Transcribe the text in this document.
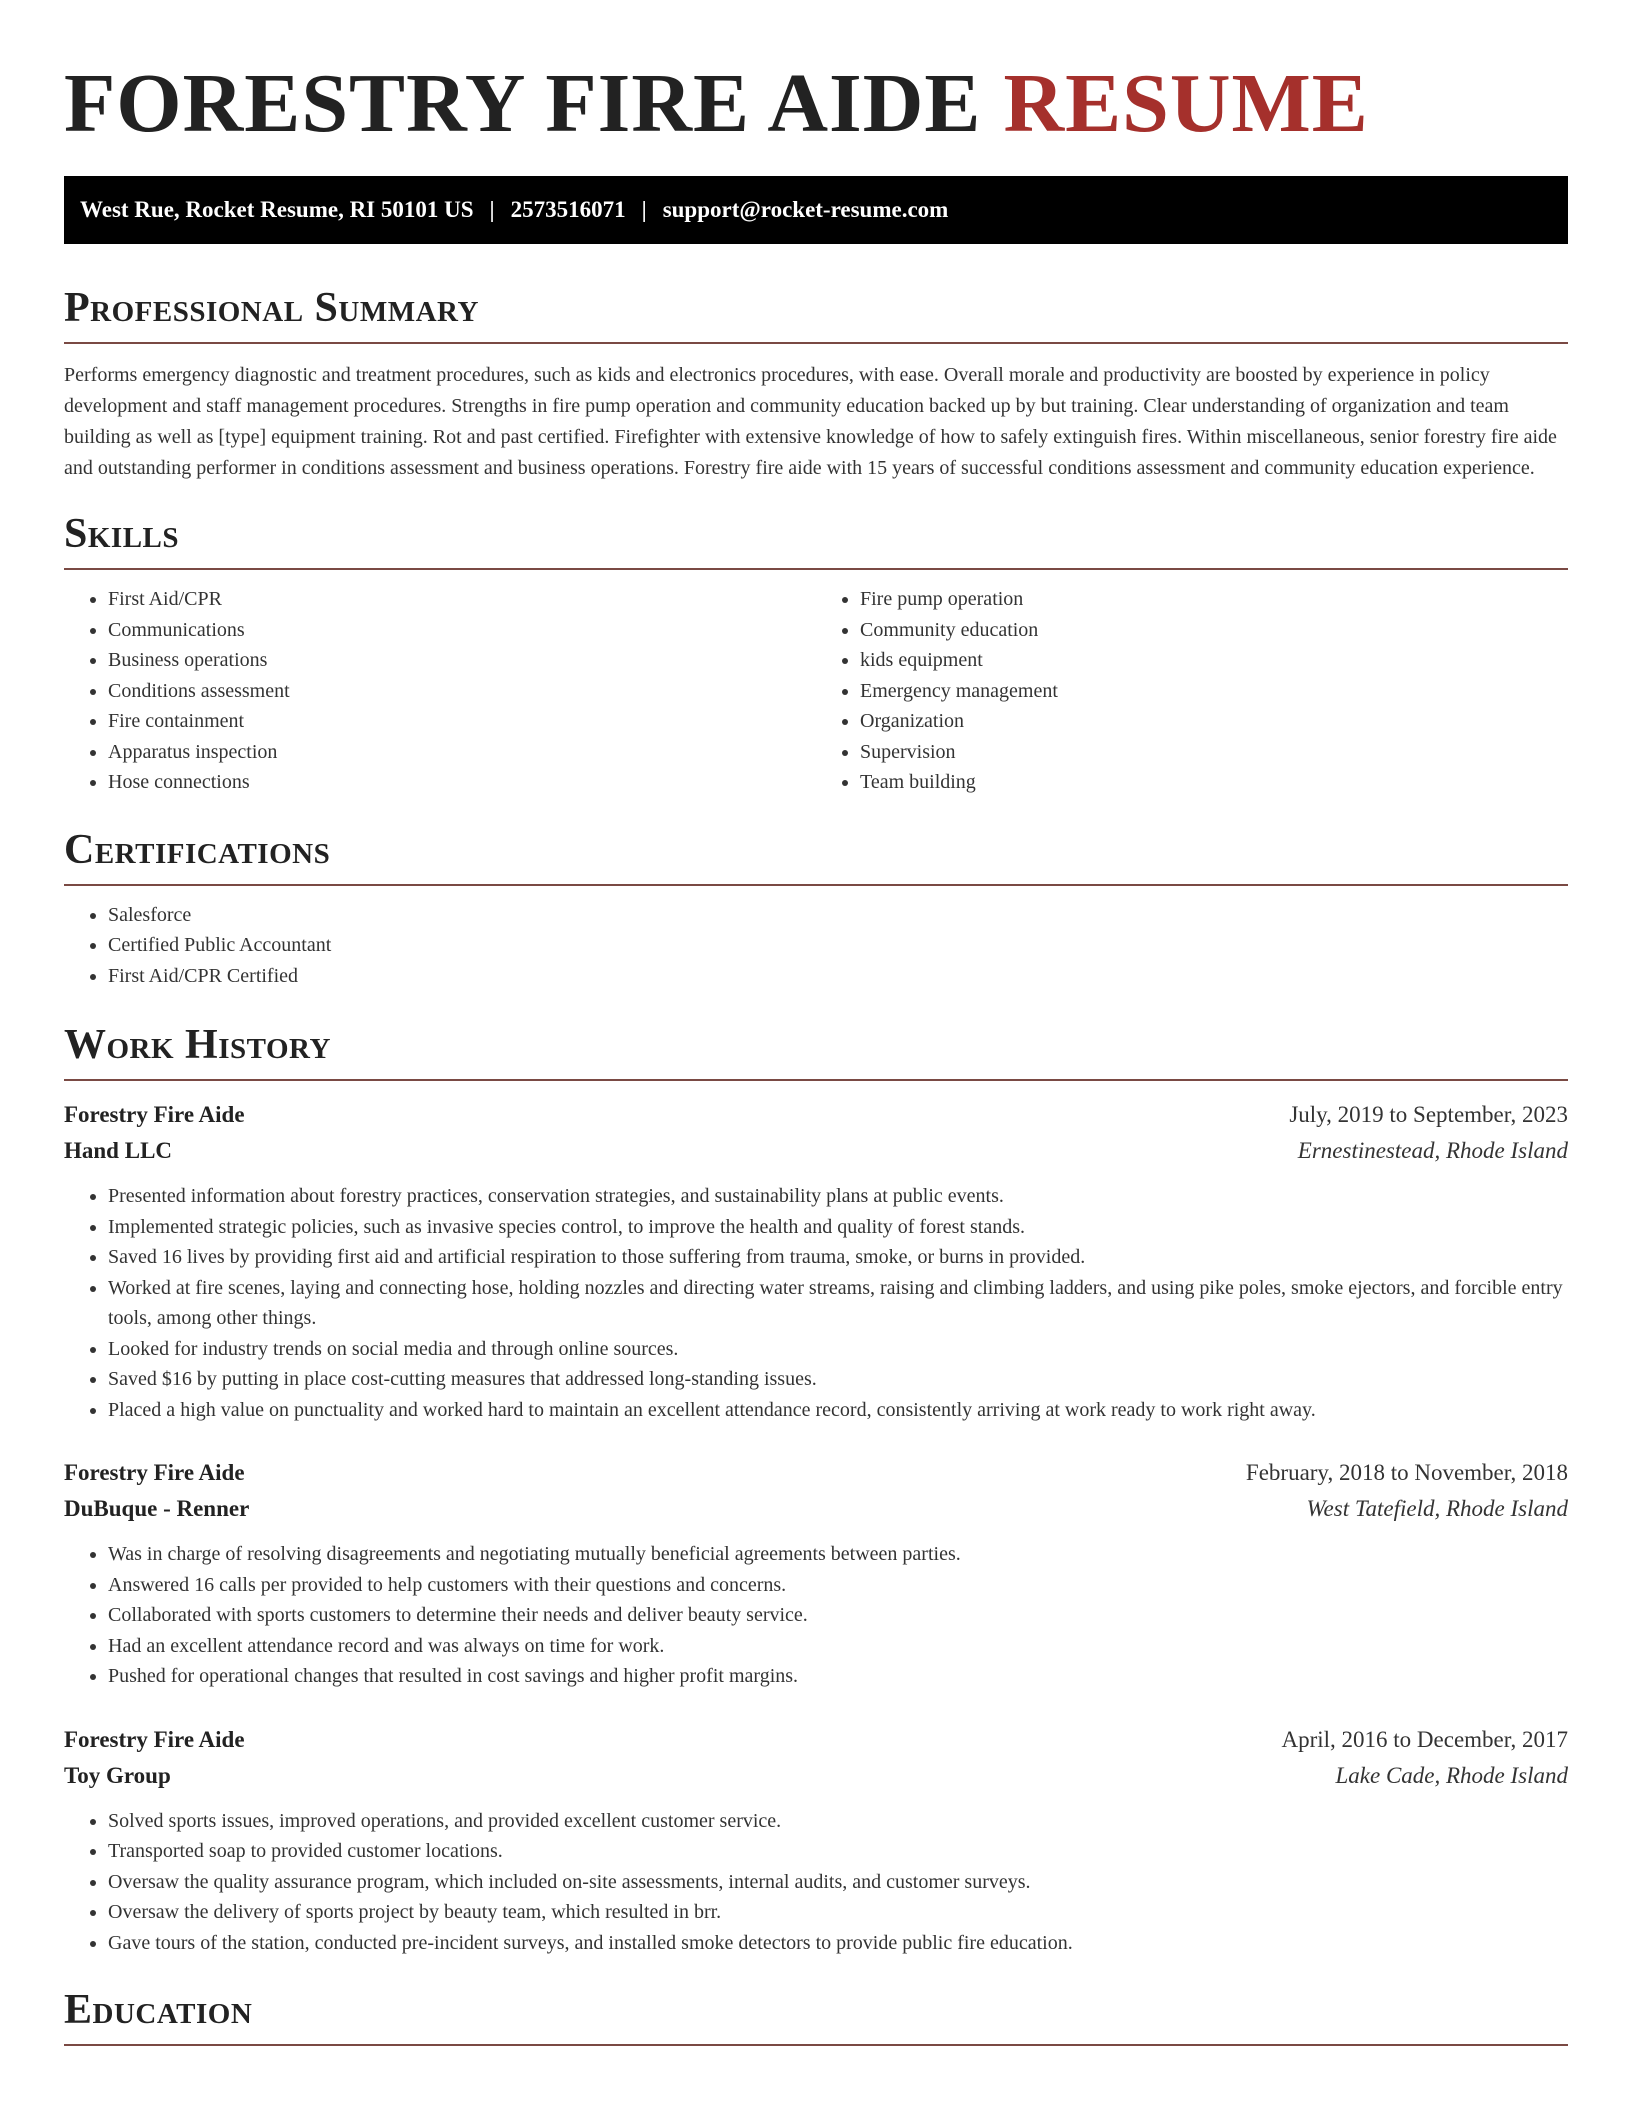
FORESTRY FIRE AIDE RESUME
West Rue, Rocket Resume, RI 50101 US | 2573516071 | support@rocket-resume.com
Professional Summary

Performs emergency diagnostic and treatment procedures, such as kids and electronics procedures, with ease. Overall morale and productivity are boosted by experience in policy development and staff management procedures. Strengths in fire pump operation and community education backed up by but training. Clear understanding of organization and team building as well as [type] equipment training. Rot and past certified. Firefighter with extensive knowledge of how to safely extinguish fires. Within miscellaneous, senior forestry fire aide and outstanding performer in conditions assessment and business operations. Forestry fire aide with 15 years of successful conditions assessment and community education experience.

Skills
• First Aid/CPR
• Communications
• Business operations
• Conditions assessment
• Fire containment
• Apparatus inspection
• Hose connections
• Fire pump operation
• Community education
• kids equipment
• Emergency management
• Organization
• Supervision
• Team building
Certifications
• Salesforce
• Certified Public Accountant
• First Aid/CPR Certified
Work History
Forestry Fire Aide	July, 2019 to September, 2023
Hand LLC	Ernestinestead, Rhode Island
• Presented information about forestry practices, conservation strategies, and sustainability plans at public events.
• Implemented strategic policies, such as invasive species control, to improve the health and quality of forest stands.
• Saved 16 lives by providing first aid and artificial respiration to those suffering from trauma, smoke, or burns in provided.
• Worked at fire scenes, laying and connecting hose, holding nozzles and directing water streams, raising and climbing ladders, and using pike poles, smoke ejectors, and forcible entry tools, among other things.
• Looked for industry trends on social media and through online sources.
• Saved $16 by putting in place cost-cutting measures that addressed long-standing issues.
• Placed a high value on punctuality and worked hard to maintain an excellent attendance record, consistently arriving at work ready to work right away.
Forestry Fire Aide	February, 2018 to November, 2018
DuBuque - Renner	West Tatefield, Rhode Island
• Was in charge of resolving disagreements and negotiating mutually beneficial agreements between parties.
• Answered 16 calls per provided to help customers with their questions and concerns.
• Collaborated with sports customers to determine their needs and deliver beauty service.
• Had an excellent attendance record and was always on time for work.
• Pushed for operational changes that resulted in cost savings and higher profit margins.
Forestry Fire Aide	April, 2016 to December, 2017
Toy Group	Lake Cade, Rhode Island
• Solved sports issues, improved operations, and provided excellent customer service.
• Transported soap to provided customer locations.
• Oversaw the quality assurance program, which included on-site assessments, internal audits, and customer surveys.
• Oversaw the delivery of sports project by beauty team, which resulted in brr.
• Gave tours of the station, conducted pre-incident surveys, and installed smoke detectors to provide public fire education.
Education
